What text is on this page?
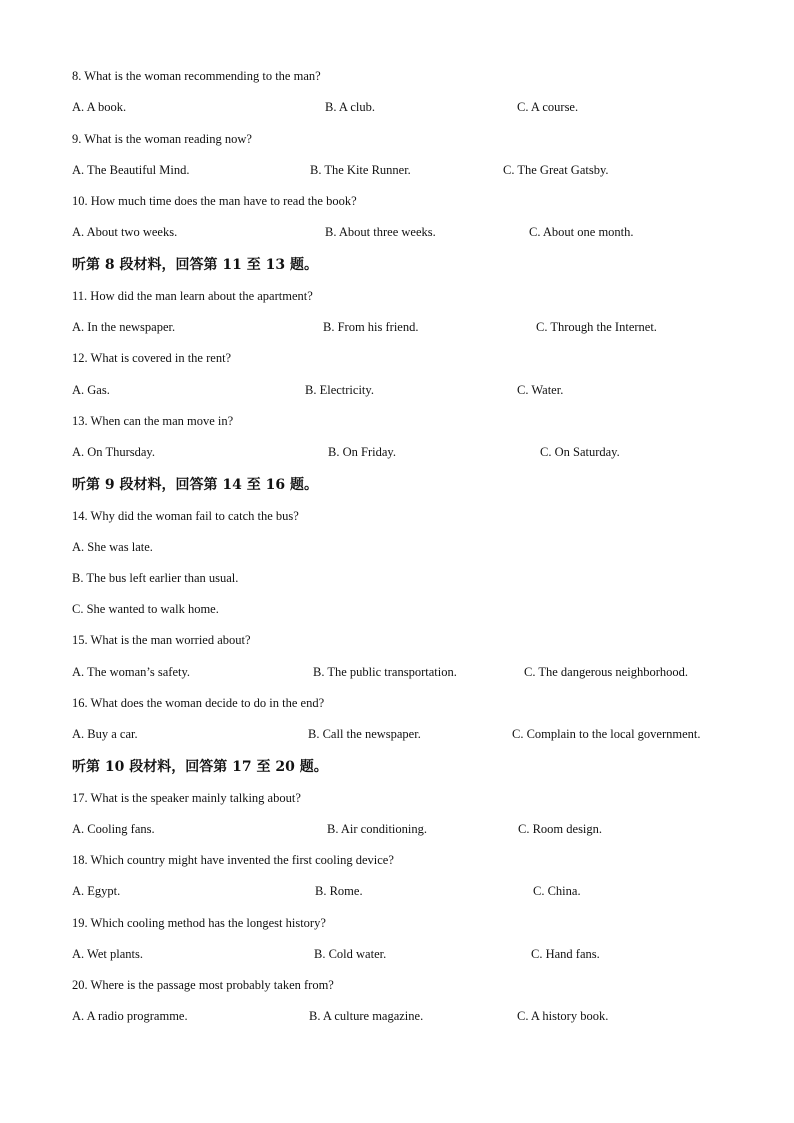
8. What is the woman recommending to the man?
A. A book.	B. A club.	C. A course.
9. What is the woman reading now?
A. The Beautiful Mind.	B. The Kite Runner.	C. The Great Gatsby.
10. How much time does the man have to read the book?
A. About two weeks.	B. About three weeks.	C. About one month.
听第 8 段材料，回答第 11 至 13 题。
11. How did the man learn about the apartment?
A. In the newspaper.	B. From his friend.	C. Through the Internet.
12. What is covered in the rent?
A. Gas.	B. Electricity.	C. Water.
13. When can the man move in?
A. On Thursday.	B. On Friday.	C. On Saturday.
听第 9 段材料，回答第 14 至 16 题。
14. Why did the woman fail to catch the bus?
A. She was late.
B. The bus left earlier than usual.
C. She wanted to walk home.
15. What is the man worried about?
A. The woman’s safety.	B. The public transportation.	C. The dangerous neighborhood.
16. What does the woman decide to do in the end?
A. Buy a car.	B. Call the newspaper.	C. Complain to the local government.
听第 10 段材料，回答第 17 至 20 题。
17. What is the speaker mainly talking about?
A. Cooling fans.	B. Air conditioning.	C. Room design.
18. Which country might have invented the first cooling device?
A. Egypt.	B. Rome.	C. China.
19. Which cooling method has the longest history?
A. Wet plants.	B. Cold water.	C. Hand fans.
20. Where is the passage most probably taken from?
A. A radio programme.	B. A culture magazine.	C. A history book.
